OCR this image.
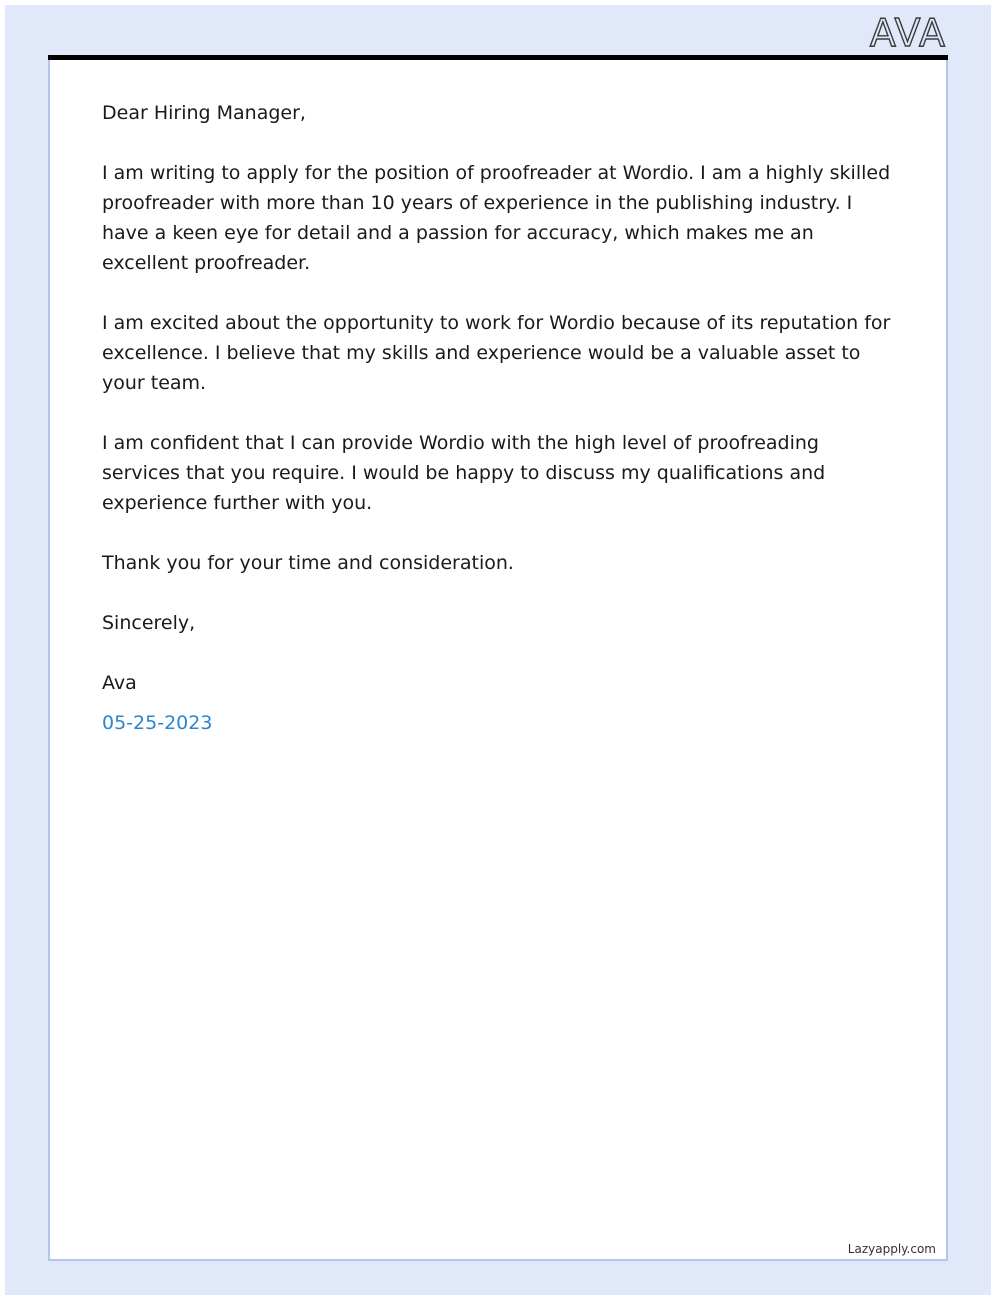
AVA

Dear Hiring Manager,

I am writing to apply for the position of proofreader at Wordio. I am a highly skilled proofreader with more than 10 years of experience in the publishing industry. I have a keen eye for detail and a passion for accuracy, which makes me an excellent proofreader.

I am excited about the opportunity to work for Wordio because of its reputation for excellence. I believe that my skills and experience would be a valuable asset to your team.

I am confident that I can provide Wordio with the high level of proofreading services that you require. I would be happy to discuss my qualifications and experience further with you.

Thank you for your time and consideration.

Sincerely,

Ava

05-25-2023

Lazyapply.com
